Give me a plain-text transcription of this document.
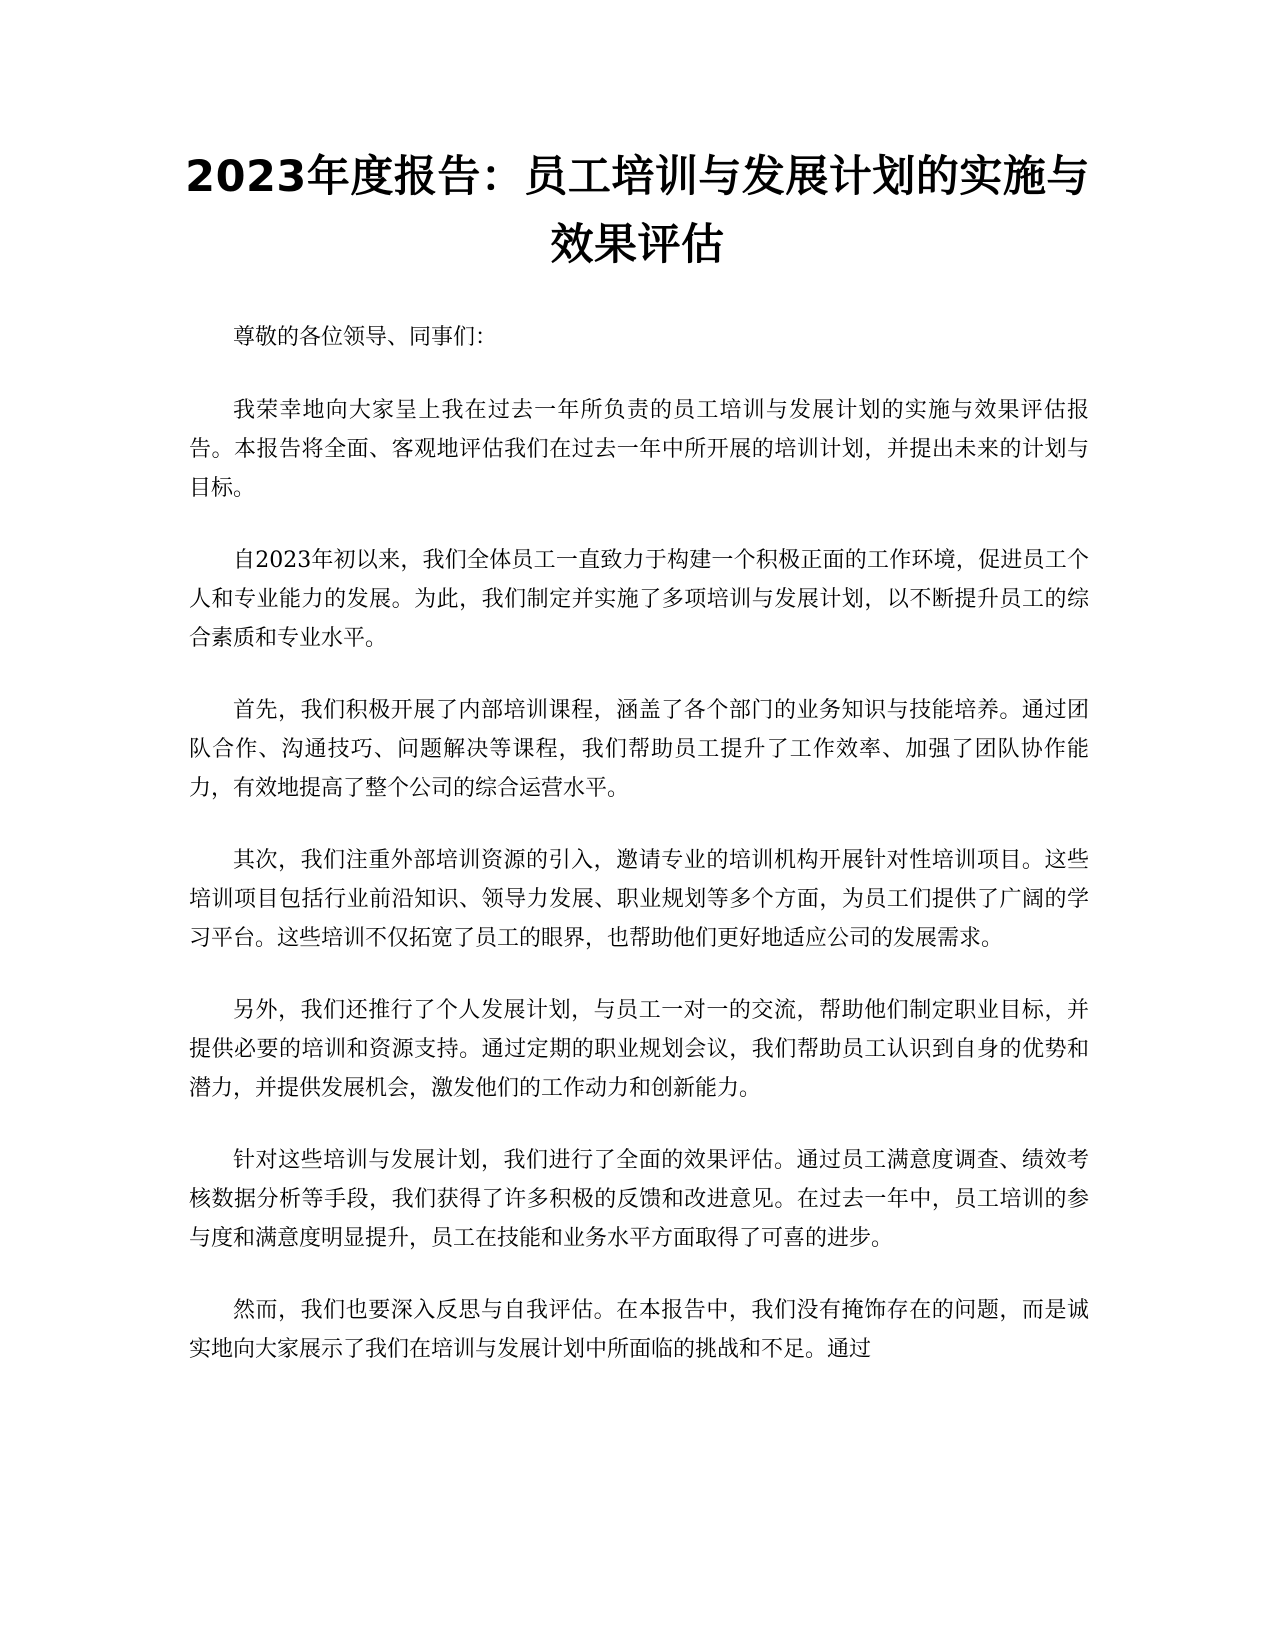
2023年度报告：员工培训与发展计划的实施与效果评估

尊敬的各位领导、同事们：

我荣幸地向大家呈上我在过去一年所负责的员工培训与发展计划的实施与效果评估报告。本报告将全面、客观地评估我们在过去一年中所开展的培训计划，并提出未来的计划与目标。

自2023年初以来，我们全体员工一直致力于构建一个积极正面的工作环境，促进员工个人和专业能力的发展。为此，我们制定并实施了多项培训与发展计划，以不断提升员工的综合素质和专业水平。

首先，我们积极开展了内部培训课程，涵盖了各个部门的业务知识与技能培养。通过团队合作、沟通技巧、问题解决等课程，我们帮助员工提升了工作效率、加强了团队协作能力，有效地提高了整个公司的综合运营水平。

其次，我们注重外部培训资源的引入，邀请专业的培训机构开展针对性培训项目。这些培训项目包括行业前沿知识、领导力发展、职业规划等多个方面，为员工们提供了广阔的学习平台。这些培训不仅拓宽了员工的眼界，也帮助他们更好地适应公司的发展需求。

另外，我们还推行了个人发展计划，与员工一对一的交流，帮助他们制定职业目标，并提供必要的培训和资源支持。通过定期的职业规划会议，我们帮助员工认识到自身的优势和潜力，并提供发展机会，激发他们的工作动力和创新能力。

针对这些培训与发展计划，我们进行了全面的效果评估。通过员工满意度调查、绩效考核数据分析等手段，我们获得了许多积极的反馈和改进意见。在过去一年中，员工培训的参与度和满意度明显提升，员工在技能和业务水平方面取得了可喜的进步。

然而，我们也要深入反思与自我评估。在本报告中，我们没有掩饰存在的问题，而是诚实地向大家展示了我们在培训与发展计划中所面临的挑战和不足。通过
